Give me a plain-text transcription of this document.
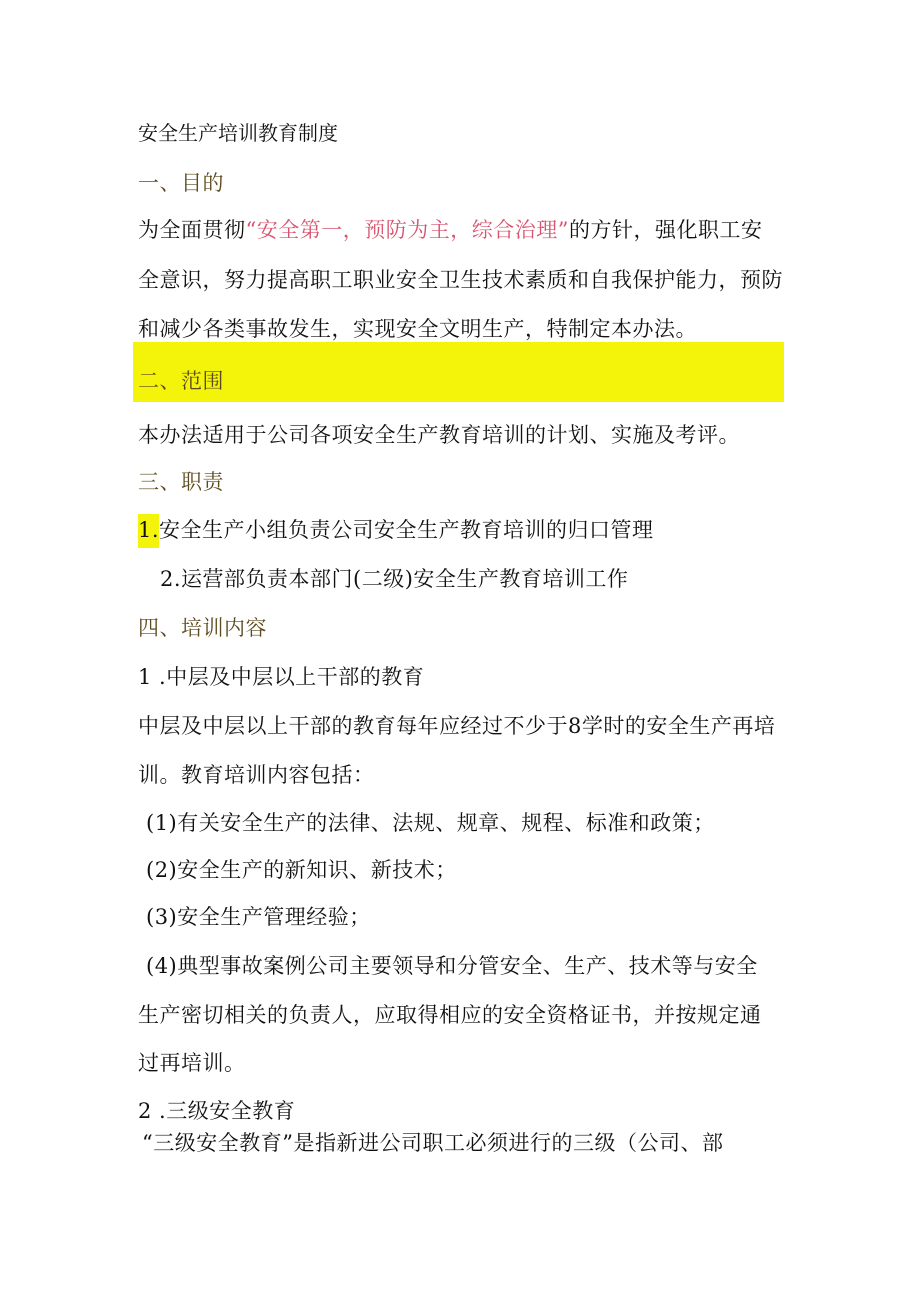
安全生产培训教育制度
一、目的
为全面贯彻“安全第一，预防为主，综合治理”的方针，强化职工安
全意识，努力提高职工职业安全卫生技术素质和自我保护能力，预防
和减少各类事故发生，实现安全文明生产，特制定本办法。
二、范围
本办法适用于公司各项安全生产教育培训的计划、实施及考评。
三、职责
1.安全生产小组负责公司安全生产教育培训的归口管理
2.运营部负责本部门(二级)安全生产教育培训工作
四、培训内容
1 .中层及中层以上干部的教育
中层及中层以上干部的教育每年应经过不少于8学时的安全生产再培
训。教育培训内容包括：
(1)有关安全生产的法律、法规、规章、规程、标准和政策；
(2)安全生产的新知识、新技术；
(3)安全生产管理经验；
(4)典型事故案例公司主要领导和分管安全、生产、技术等与安全
生产密切相关的负责人，应取得相应的安全资格证书，并按规定通
过再培训。
2 .三级安全教育
“三级安全教育”是指新进公司职工必须进行的三级（公司、部
